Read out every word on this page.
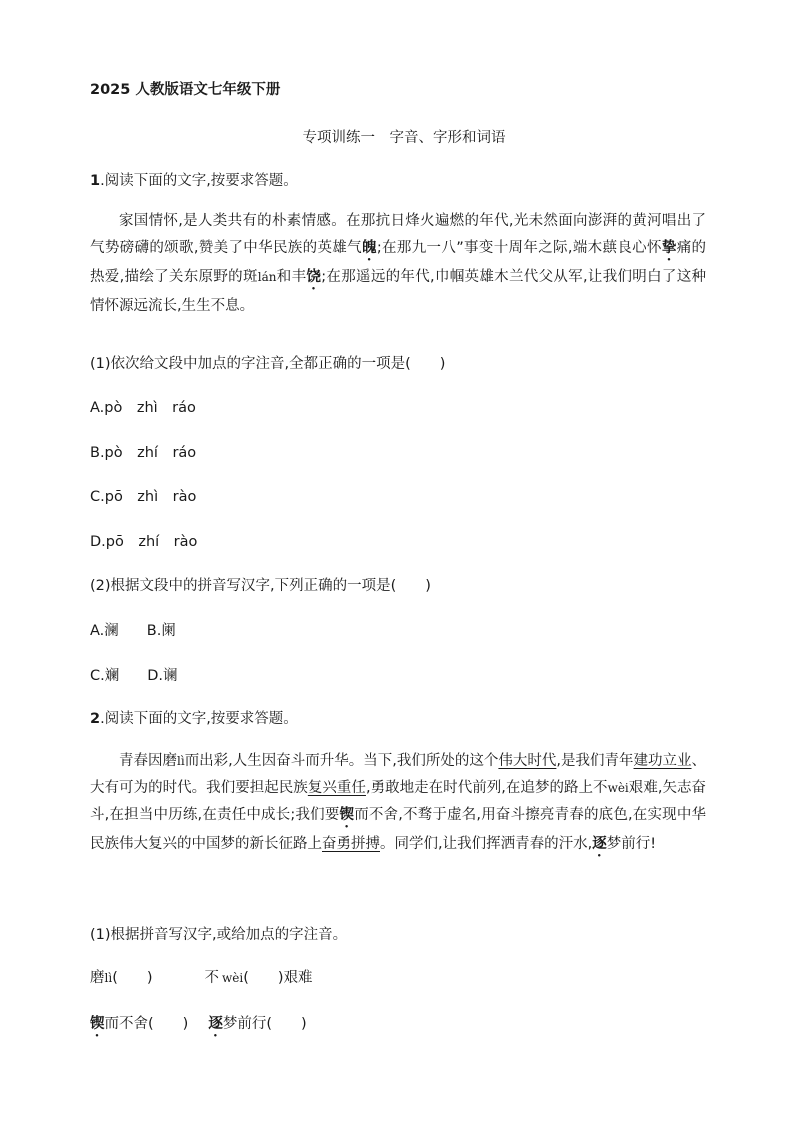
2025 人教版语文七年级下册
专项训练一　字音、字形和词语
1.阅读下面的文字,按要求答题。

家国情怀,是人类共有的朴素情感。在那抗日烽火遍燃的年代,光未然面向澎湃的黄河唱出了气势磅礴的颂歌,赞美了中华民族的英雄气魄;在那九一八”事变十周年之际,端木蕻良心怀挚痛的热爱,描绘了关东原野的斑lán和丰饶;在那遥远的年代,巾帼英雄木兰代父从军,让我们明白了这种情怀源远流长,生生不息。

(1)依次给文段中加点的字注音,全都正确的一项是(　　)
A.pò　zhì　ráo
B.pò　zhí　ráo
C.pō　zhì　rào
D.pō　zhí　rào
(2)根据文段中的拼音写汉字,下列正确的一项是(　　)
A.澜 B.阑
C.斓 D.谰
2.阅读下面的文字,按要求答题。

青春因磨lì而出彩,人生因奋斗而升华。当下,我们所处的这个伟大时代,是我们青年建功立业、大有可为的时代。我们要担起民族复兴重任,勇敢地走在时代前列,在追梦的路上不wèi艰难,矢志奋斗,在担当中历练,在责任中成长;我们要锲而不舍,不骛于虚名,用奋斗擦亮青春的底色,在实现中华民族伟大复兴的中国梦的新长征路上奋勇拼搏。同学们,让我们挥洒青春的汗水,逐梦前行!

(1)根据拼音写汉字,或给加点的字注音。
磨lì(　　)	不 wèi(　　)艰难
锲而不舍(　　) 逐梦前行(　　)
